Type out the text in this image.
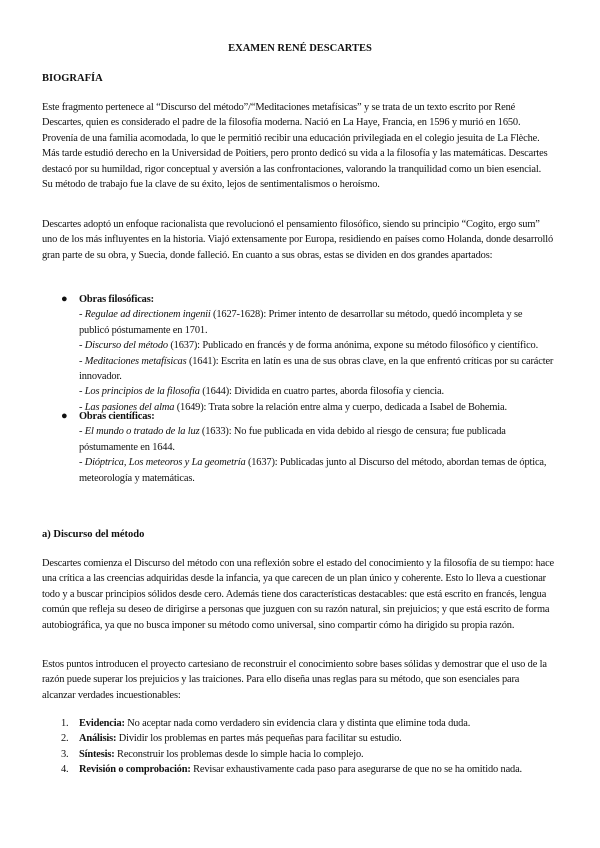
EXAMEN RENÉ DESCARTES
BIOGRAFÍA

Este fragmento pertenece al “Discurso del método”/“Meditaciones metafísicas” y se trata de un texto escrito por René Descartes, quien es considerado el padre de la filosofía moderna. Nació en La Haye, Francia, en 1596 y murió en 1650. Provenía de una familia acomodada, lo que le permitió recibir una educación privilegiada en el colegio jesuita de La Flèche. Más tarde estudió derecho en la Universidad de Poitiers, pero pronto dedicó su vida a la filosofía y las matemáticas. Descartes destacó por su humildad, rigor conceptual y aversión a las confrontaciones, valorando la tranquilidad como un bien esencial. Su método de trabajo fue la clave de su éxito, lejos de sentimentalismos o heroísmo.

Descartes adoptó un enfoque racionalista que revolucionó el pensamiento filosófico, siendo su principio “Cogito, ergo sum” uno de los más influyentes en la historia. Viajó extensamente por Europa, residiendo en países como Holanda, donde desarrolló gran parte de su obra, y Suecia, donde falleció. En cuanto a sus obras, estas se dividen en dos grandes apartados:

● Obras filosóficas:
- Regulae ad directionem ingenii (1627-1628): Primer intento de desarrollar su método, quedó incompleta y se publicó póstumamente en 1701.
- Discurso del método (1637): Publicado en francés y de forma anónima, expone su método filosófico y científico.
- Meditaciones metafísicas (1641): Escrita en latín es una de sus obras clave, en la que enfrentó críticas por su carácter innovador.
- Los principios de la filosofía (1644): Dividida en cuatro partes, aborda filosofía y ciencia.
- Las pasiones del alma (1649): Trata sobre la relación entre alma y cuerpo, dedicada a Isabel de Bohemia.
● Obras científicas:
- El mundo o tratado de la luz (1633): No fue publicada en vida debido al riesgo de censura; fue publicada póstumamente en 1644.
- Dióptrica, Los meteoros y La geometría (1637): Publicadas junto al Discurso del método, abordan temas de óptica, meteorología y matemáticas.
a) Discurso del método

Descartes comienza el Discurso del método con una reflexión sobre el estado del conocimiento y la filosofía de su tiempo: hace una crítica a las creencias adquiridas desde la infancia, ya que carecen de un plan único y coherente. Esto lo lleva a cuestionar todo y a buscar principios sólidos desde cero. Además tiene dos características destacables: que está escrito en francés, lengua común que refleja su deseo de dirigirse a personas que juzguen con su razón natural, sin prejuicios; y que está escrito de forma autobiográfica, ya que no busca imponer su método como universal, sino compartir cómo ha dirigido su propia razón.

Estos puntos introducen el proyecto cartesiano de reconstruir el conocimiento sobre bases sólidas y demostrar que el uso de la razón puede superar los prejuicios y las traiciones. Para ello diseña unas reglas para su método, que son esenciales para alcanzar verdades incuestionables:

1. Evidencia: No aceptar nada como verdadero sin evidencia clara y distinta que elimine toda duda.
2. Análisis: Dividir los problemas en partes más pequeñas para facilitar su estudio.
3. Síntesis: Reconstruir los problemas desde lo simple hacia lo complejo.
4. Revisión o comprobación: Revisar exhaustivamente cada paso para asegurarse de que no se ha omitido nada.
